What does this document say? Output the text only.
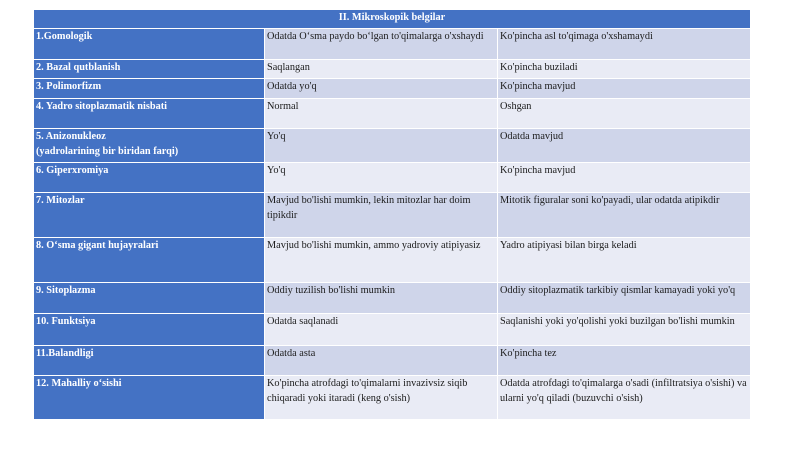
II. Mikroskopik belgilar		
1.Gomologik	Odatda O‘sma paydo bo‘lgan to'qimalarga o'xshaydi	Ko'pincha asl to'qimaga o'xshamaydi
2. Bazal qutblanish	Saqlangan	Ko'pincha buziladi
3. Polimorfizm	Odatda yo'q	Ko'pincha mavjud
4. Yadro sitoplazmatik nisbati	Normal	Oshgan

5. Anizonukleoz
(yadrolarining bir biridan farqi)	Yo'q	Odatda mavjud
6. Giperxromiya	Yo'q	Ko'pincha mavjud
7. Mitozlar	Mavjud bo'lishi mumkin, lekin mitozlar har doim tipikdir	Mitotik figuralar soni ko'payadi, ular odatda atipikdir
8. O‘sma gigant hujayralari	Mavjud bo'lishi mumkin, ammo yadroviy atipiyasiz	Yadro atipiyasi bilan birga keladi
9. Sitoplazma	Oddiy tuzilish bo'lishi mumkin	Oddiy sitoplazmatik tarkibiy qismlar kamayadi yoki yo'q
10. Funktsiya	Odatda saqlanadi	Saqlanishi yoki yo'qolishi yoki buzilgan bo'lishi mumkin
11.Balandligi	Odatda asta	Ko'pincha tez
12. Mahalliy o‘sishi	Ko'pincha atrofdagi to'qimalarni invazivsiz siqib chiqaradi yoki itaradi (keng o'sish)	Odatda atrofdagi to'qimalarga o'sadi (infiltratsiya o'sishi) va ularni yo'q qiladi (buzuvchi o'sish)
